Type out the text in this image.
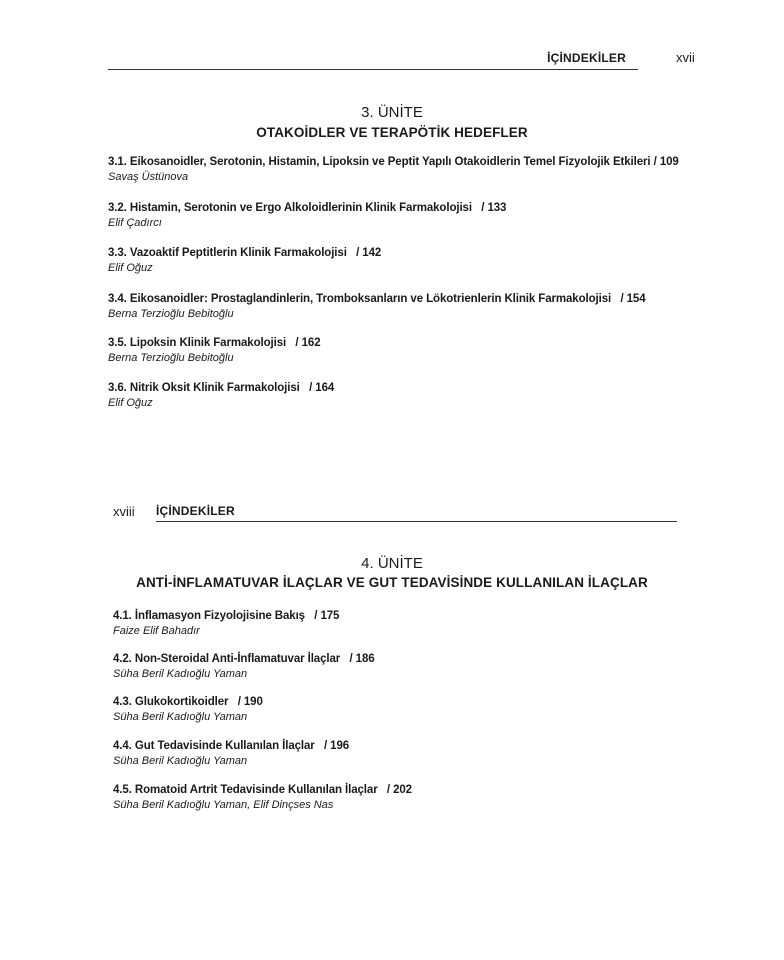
İÇİNDEKİLER	xvii
3. ÜNİTE
OTAKOİDLER VE TERAPÖTİK HEDEFLER
3.1. Eikosanoidler, Serotonin, Histamin, Lipoksin ve Peptit Yapılı Otakoidlerin Temel Fizyolojik Etkileri / 109
Savaş Üstünova
3.2. Histamin, Serotonin ve Ergo Alkoloidlerinin Klinik Farmakolojisi / 133
Elif Çadırcı
3.3. Vazoaktif Peptitlerin Klinik Farmakolojisi / 142
Elif Oğuz
3.4. Eikosanoidler: Prostaglandinlerin, Tromboksanların ve Lökotrienlerin Klinik Farmakolojisi / 154
Berna Terzioğlu Bebitoğlu
3.5. Lipoksin Klinik Farmakolojisi / 162
Berna Terzioğlu Bebitoğlu
3.6. Nitrik Oksit Klinik Farmakolojisi / 164
Elif Oğuz
xviii İÇİNDEKİLER
4. ÜNİTE
ANTİ-İNFLAMATUVAR İLAÇLAR VE GUT TEDAVİSİNDE KULLANILAN İLAÇLAR
4.1. İnflamasyon Fizyolojisine Bakış / 175
Faize Elif Bahadır
4.2. Non-Steroidal Anti-İnflamatuvar İlaçlar / 186
Süha Beril Kadıoğlu Yaman
4.3. Glukokortikoidler / 190
Süha Beril Kadıoğlu Yaman
4.4. Gut Tedavisinde Kullanılan İlaçlar / 196
Süha Beril Kadıoğlu Yaman
4.5. Romatoid Artrit Tedavisinde Kullanılan İlaçlar / 202
Süha Beril Kadıoğlu Yaman, Elif Dinçses Nas
